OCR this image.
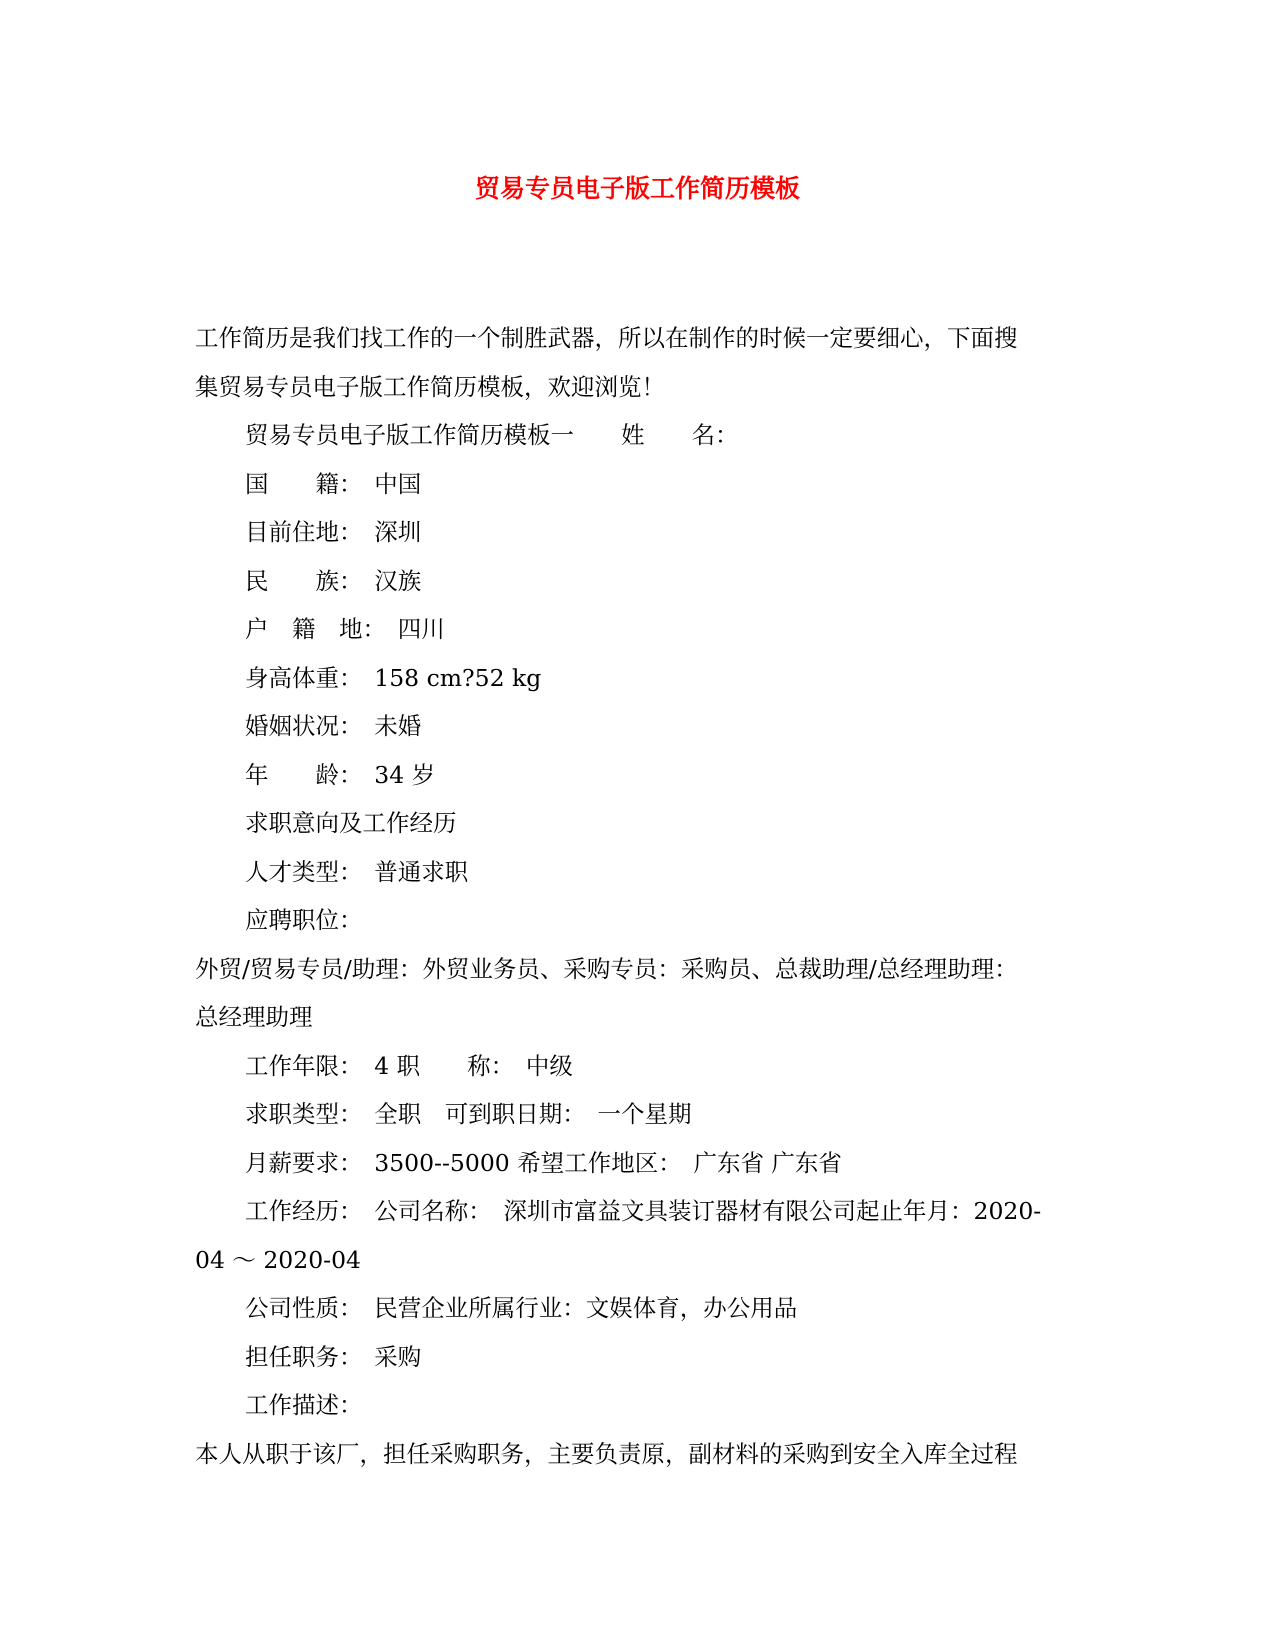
贸易专员电子版工作简历模板

工作简历是我们找工作的一个制胜武器，所以在制作的时候一定要细心，下面搜

集贸易专员电子版工作简历模板，欢迎浏览！

贸易专员电子版工作简历模板一　　姓　　名：

国　　籍：　中国

目前住地：　深圳

民　　族：　汉族

户　籍　地：　四川

身高体重：　158 cm?52 kg

婚姻状况：　未婚

年　　龄：　34 岁

求职意向及工作经历

人才类型：　普通求职

应聘职位：

外贸/贸易专员/助理：外贸业务员、采购专员：采购员、总裁助理/总经理助理：

总经理助理

工作年限：　4 职　　称：　中级

求职类型：　全职　可到职日期：　一个星期

月薪要求：　3500--5000 希望工作地区：　广东省 广东省

工作经历：　公司名称：　深圳市富益文具装订器材有限公司起止年月：2020-

04 ～ 2020-04

公司性质：　民营企业所属行业：文娱体育，办公用品

担任职务：　采购

工作描述：

本人从职于该厂，担任采购职务，主要负责原，副材料的采购到安全入库全过程
